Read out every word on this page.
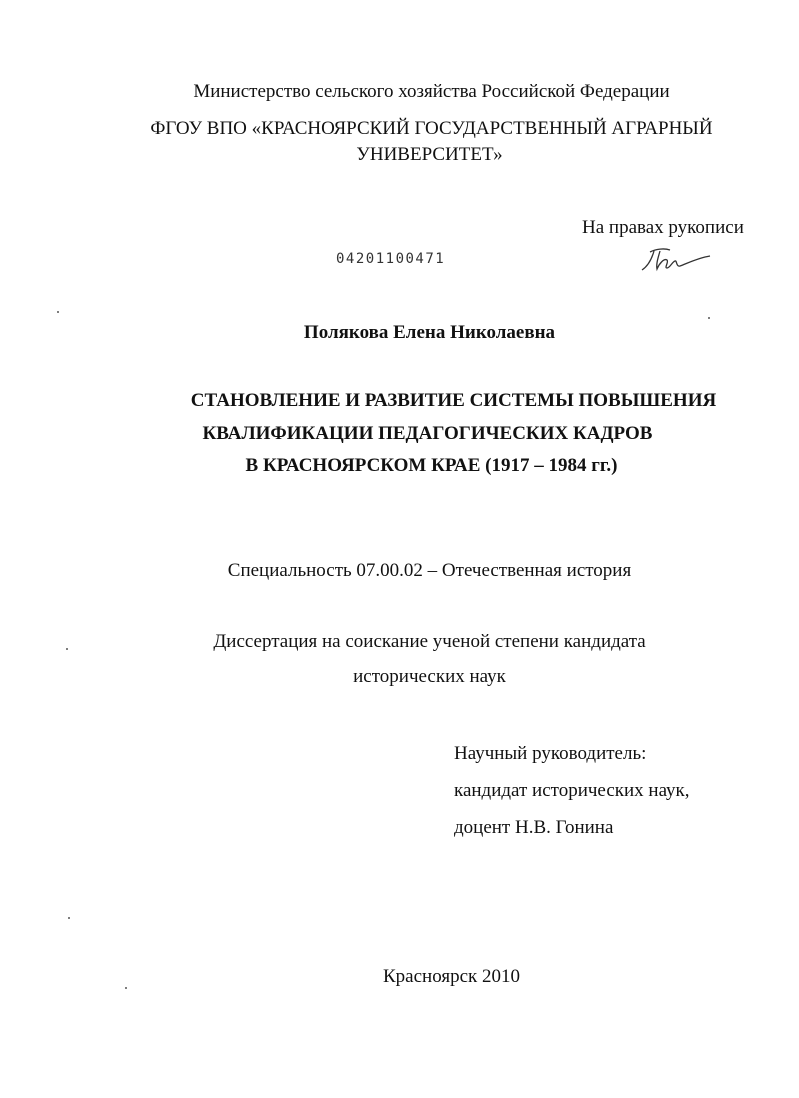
Министерство сельского хозяйства Российской Федерации
ФГОУ ВПО «КРАСНОЯРСКИЙ ГОСУДАРСТВЕННЫЙ АГРАРНЫЙ
УНИВЕРСИТЕТ»
На правах рукописи
04201100471
Полякова Елена Николаевна
СТАНОВЛЕНИЕ И РАЗВИТИЕ СИСТЕМЫ ПОВЫШЕНИЯ
КВАЛИФИКАЦИИ ПЕДАГОГИЧЕСКИХ КАДРОВ
В КРАСНОЯРСКОМ КРАЕ (1917 – 1984 гг.)
Специальность 07.00.02 – Отечественная история
Диссертация на соискание ученой степени кандидата
исторических наук
Научный руководитель:
кандидат исторических наук,
доцент Н.В. Гонина
Красноярск 2010
